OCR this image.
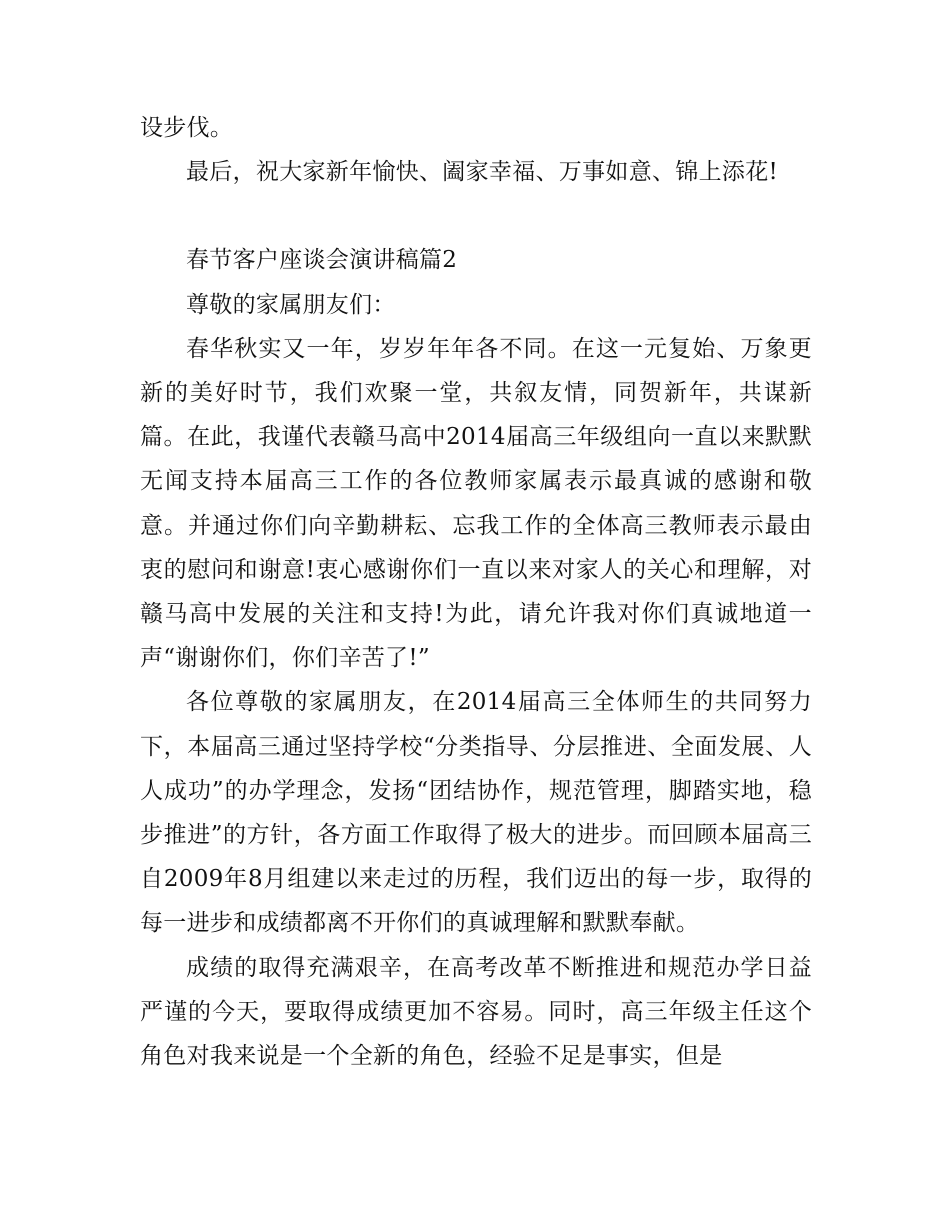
设步伐。

最后，祝大家新年愉快、阖家幸福、万事如意、锦上添花!

春节客户座谈会演讲稿篇2

尊敬的家属朋友们：

春华秋实又一年，岁岁年年各不同。在这一元复始、万象更新的美好时节，我们欢聚一堂，共叙友情，同贺新年，共谋新篇。在此，我谨代表赣马高中2014届高三年级组向一直以来默默无闻支持本届高三工作的各位教师家属表示最真诚的感谢和敬意。并通过你们向辛勤耕耘、忘我工作的全体高三教师表示最由衷的慰问和谢意!衷心感谢你们一直以来对家人的关心和理解，对赣马高中发展的关注和支持!为此，请允许我对你们真诚地道一声“谢谢你们，你们辛苦了!”

各位尊敬的家属朋友，在2014届高三全体师生的共同努力下，本届高三通过坚持学校“分类指导、分层推进、全面发展、人人成功”的办学理念，发扬“团结协作，规范管理，脚踏实地，稳步推进”的方针，各方面工作取得了极大的进步。而回顾本届高三自2009年8月组建以来走过的历程，我们迈出的每一步，取得的每一进步和成绩都离不开你们的真诚理解和默默奉献。

成绩的取得充满艰辛，在高考改革不断推进和规范办学日益严谨的今天，要取得成绩更加不容易。同时，高三年级主任这个角色对我来说是一个全新的角色，经验不足是事实，但是
